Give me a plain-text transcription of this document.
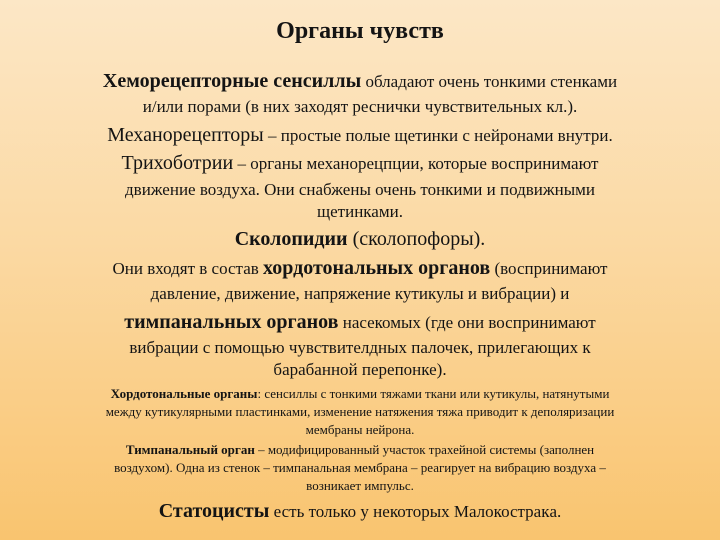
Органы чувств
Хеморецепторные сенсиллы обладают очень тонкими стенками
и/или порами (в них заходят реснички чувствительных кл.).
Механорецепторы – простые полые щетинки с нейронами внутри.
Трихоботрии – органы механорецпции, которые воспринимают
движение воздуха. Они снабжены очень тонкими и подвижными
щетинками.
Сколопидии (сколопофоры).
Они входят в состав хордотональных органов (воспринимают
давление, движение, напряжение кутикулы и вибрации) и
тимпанальных органов насекомых (где они воспринимают
вибрации с помощью чувствителдных палочек, прилегающих к
барабанной перепонке).
Хордотональные органы: сенсиллы с тонкими тяжами ткани или кутикулы, натянутыми
между кутикулярными пластинками, изменение натяжения тяжа приводит к деполяризации
мембраны нейрона.
Тимпанальный орган – модифицированный участок трахейной системы (заполнен
воздухом). Одна из стенок – тимпанальная мембрана – реагирует на вибрацию воздуха –
возникает импульс.
Статоцисты есть только у некоторых Малокостракa.
